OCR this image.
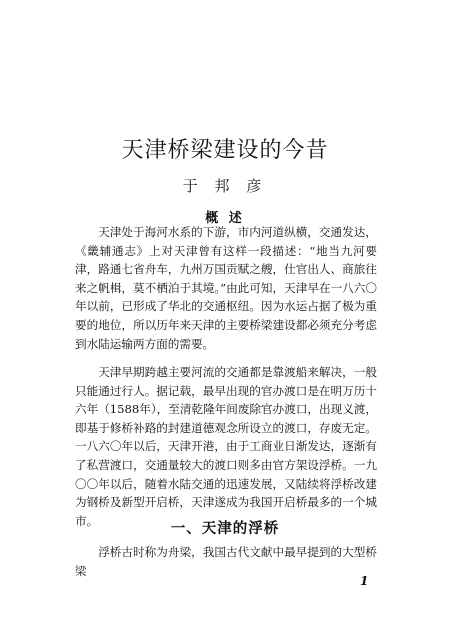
天津桥梁建设的今昔
于 邦 彦
概 述

天津处于海河水系的下游，市内河道纵横，交通发达，《畿辅通志》上对天津曾有这样一段描述：“地当九河要津，路通七省舟车，九州万国贡赋之艘，仕官出人、商旅往来之帆楫，莫不栖泊于其境。”由此可知，天津早在一八六〇年以前，已形成了华北的交通枢纽。因为水运占据了极为重要的地位，所以历年来天津的主要桥梁建设都必须充分考虑到水陆运输两方面的需要。

天津早期跨越主要河流的交通都是靠渡船来解决，一般只能通过行人。据记载，最早出现的官办渡口是在明万历十六年（1588年），至清乾隆年间废除官办渡口，出现义渡，即基于修桥补路的封建道德观念所设立的渡口，存废无定。一八六〇年以后，天津开港，由于工商业日渐发达，逐渐有了私营渡口，交通量较大的渡口则多由官方架设浮桥。一九〇〇年以后，随着水陆交通的迅速发展，又陆续将浮桥改建为钢桥及新型开启桥，天津遂成为我国开启桥最多的一个城市。	一、天津的浮桥

浮桥古时称为舟梁，我国古代文献中最早提到的大型桥梁

1
